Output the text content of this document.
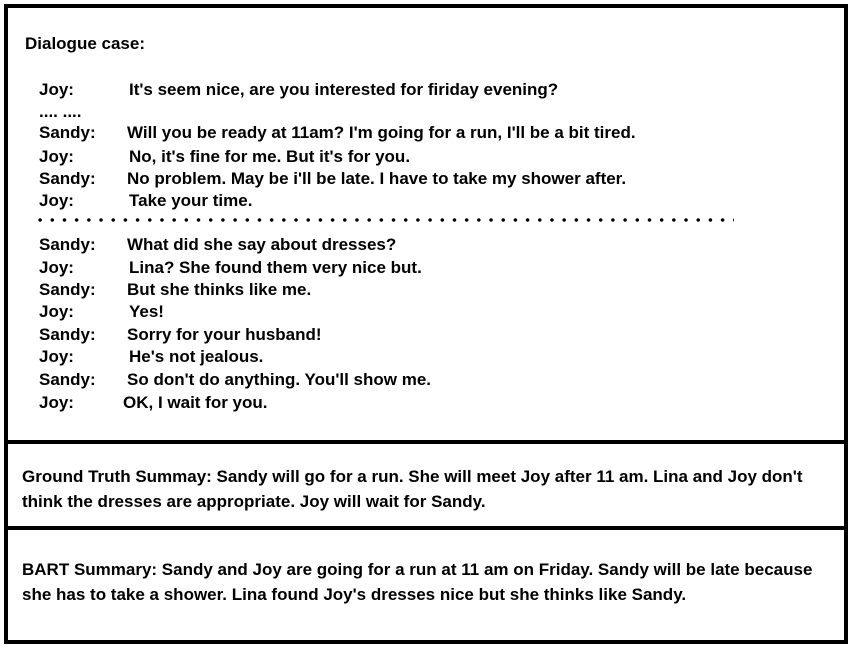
Dialogue case:
Joy:	It's seem nice, are you interested for firiday evening?
.... ....
Sandy: Will you be ready at 11am? I'm going for a run, I'll be a bit tired.
Joy:	No, it's fine for me. But it's for you.
Sandy: No problem. May be i'll be late. I have to take my shower after.
Joy:	Take your time.
Sandy: What did she say about dresses?
Joy:	Lina? She found them very nice but.
Sandy: But she thinks like me.
Joy:	Yes!
Sandy: Sorry for your husband!
Joy:	He's not jealous.
Sandy: So don't do anything. You'll show me.
Joy:	OK, I wait for you.
Ground Truth Summay: Sandy will go for a run. She will meet Joy after 11 am. Lina and Joy don't think the dresses are appropriate. Joy will wait for Sandy.
BART Summary: Sandy and Joy are going for a run at 11 am on Friday. Sandy will be late because she has to take a shower. Lina found Joy's dresses nice but she thinks like Sandy.
